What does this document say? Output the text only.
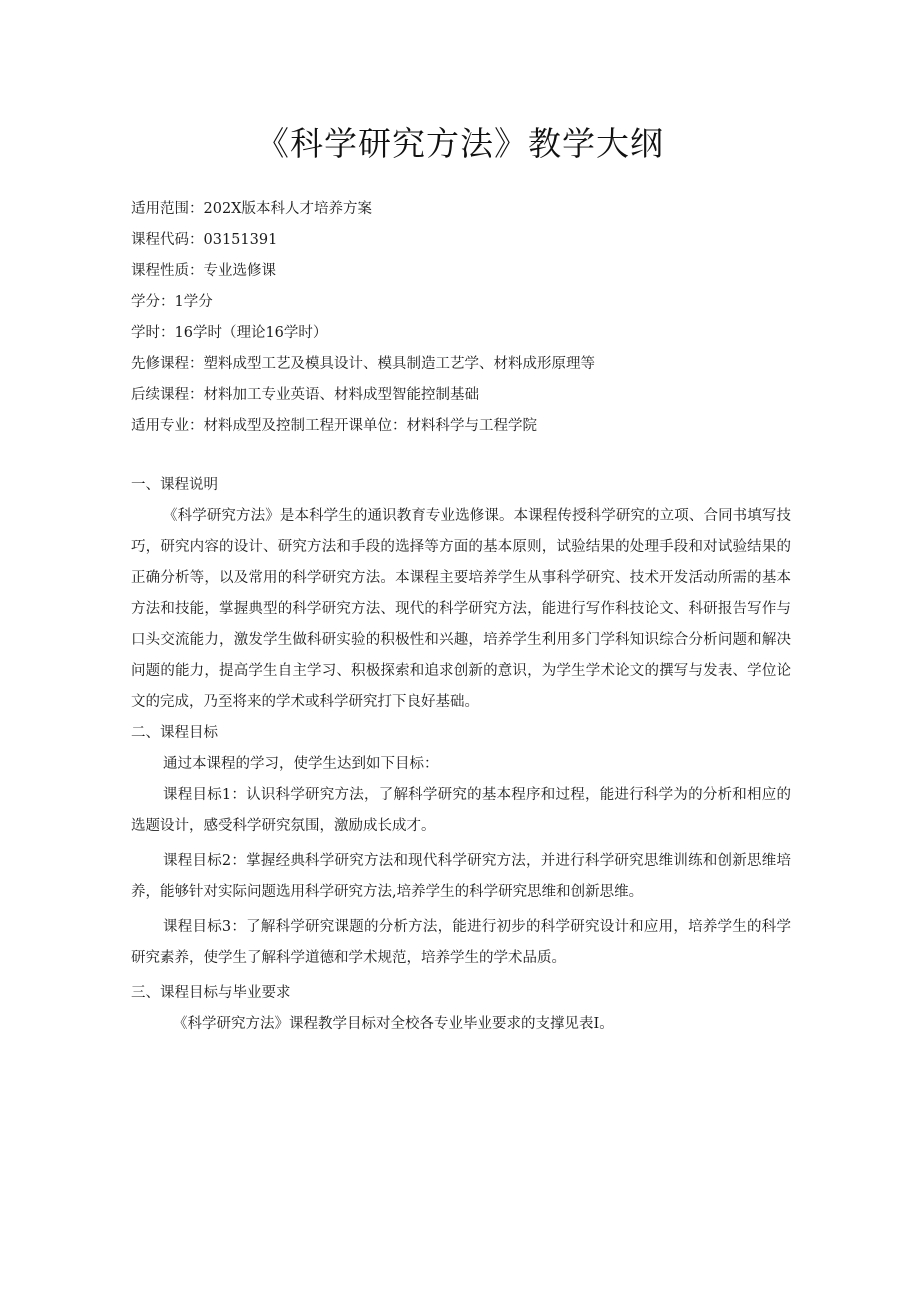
《科学研究方法》教学大纲
适用范围：202X版本科人才培养方案
课程代码：03151391
课程性质：专业选修课
学分：1学分
学时：16学时（理论16学时）
先修课程：塑料成型工艺及模具设计、模具制造工艺学、材料成形原理等
后续课程：材料加工专业英语、材料成型智能控制基础
适用专业：材料成型及控制工程开课单位：材料科学与工程学院
一、课程说明

《科学研究方法》是本科学生的通识教育专业选修课。本课程传授科学研究的立项、合同书填写技巧，研究内容的设计、研究方法和手段的选择等方面的基本原则，试验结果的处理手段和对试验结果的正确分析等，以及常用的科学研究方法。本课程主要培养学生从事科学研究、技术开发活动所需的基本方法和技能，掌握典型的科学研究方法、现代的科学研究方法，能进行写作科技论文、科研报告写作与口头交流能力，激发学生做科研实验的积极性和兴趣，培养学生利用多门学科知识综合分析问题和解决问题的能力，提高学生自主学习、积极探索和追求创新的意识，为学生学术论文的撰写与发表、学位论文的完成，乃至将来的学术或科学研究打下良好基础。

二、课程目标
通过本课程的学习，使学生达到如下目标：

课程目标1：认识科学研究方法，了解科学研究的基本程序和过程，能进行科学为的分析和相应的选题设计，感受科学研究氛围，激励成长成才。

课程目标2：掌握经典科学研究方法和现代科学研究方法，并进行科学研究思维训练和创新思维培养，能够针对实际问题选用科学研究方法,培养学生的科学研究思维和创新思维。

课程目标3：了解科学研究课题的分析方法，能进行初步的科学研究设计和应用，培养学生的科学研究素养，使学生了解科学道德和学术规范，培养学生的学术品质。

三、课程目标与毕业要求
《科学研究方法》课程教学目标对全校各专业毕业要求的支撑见表I。
